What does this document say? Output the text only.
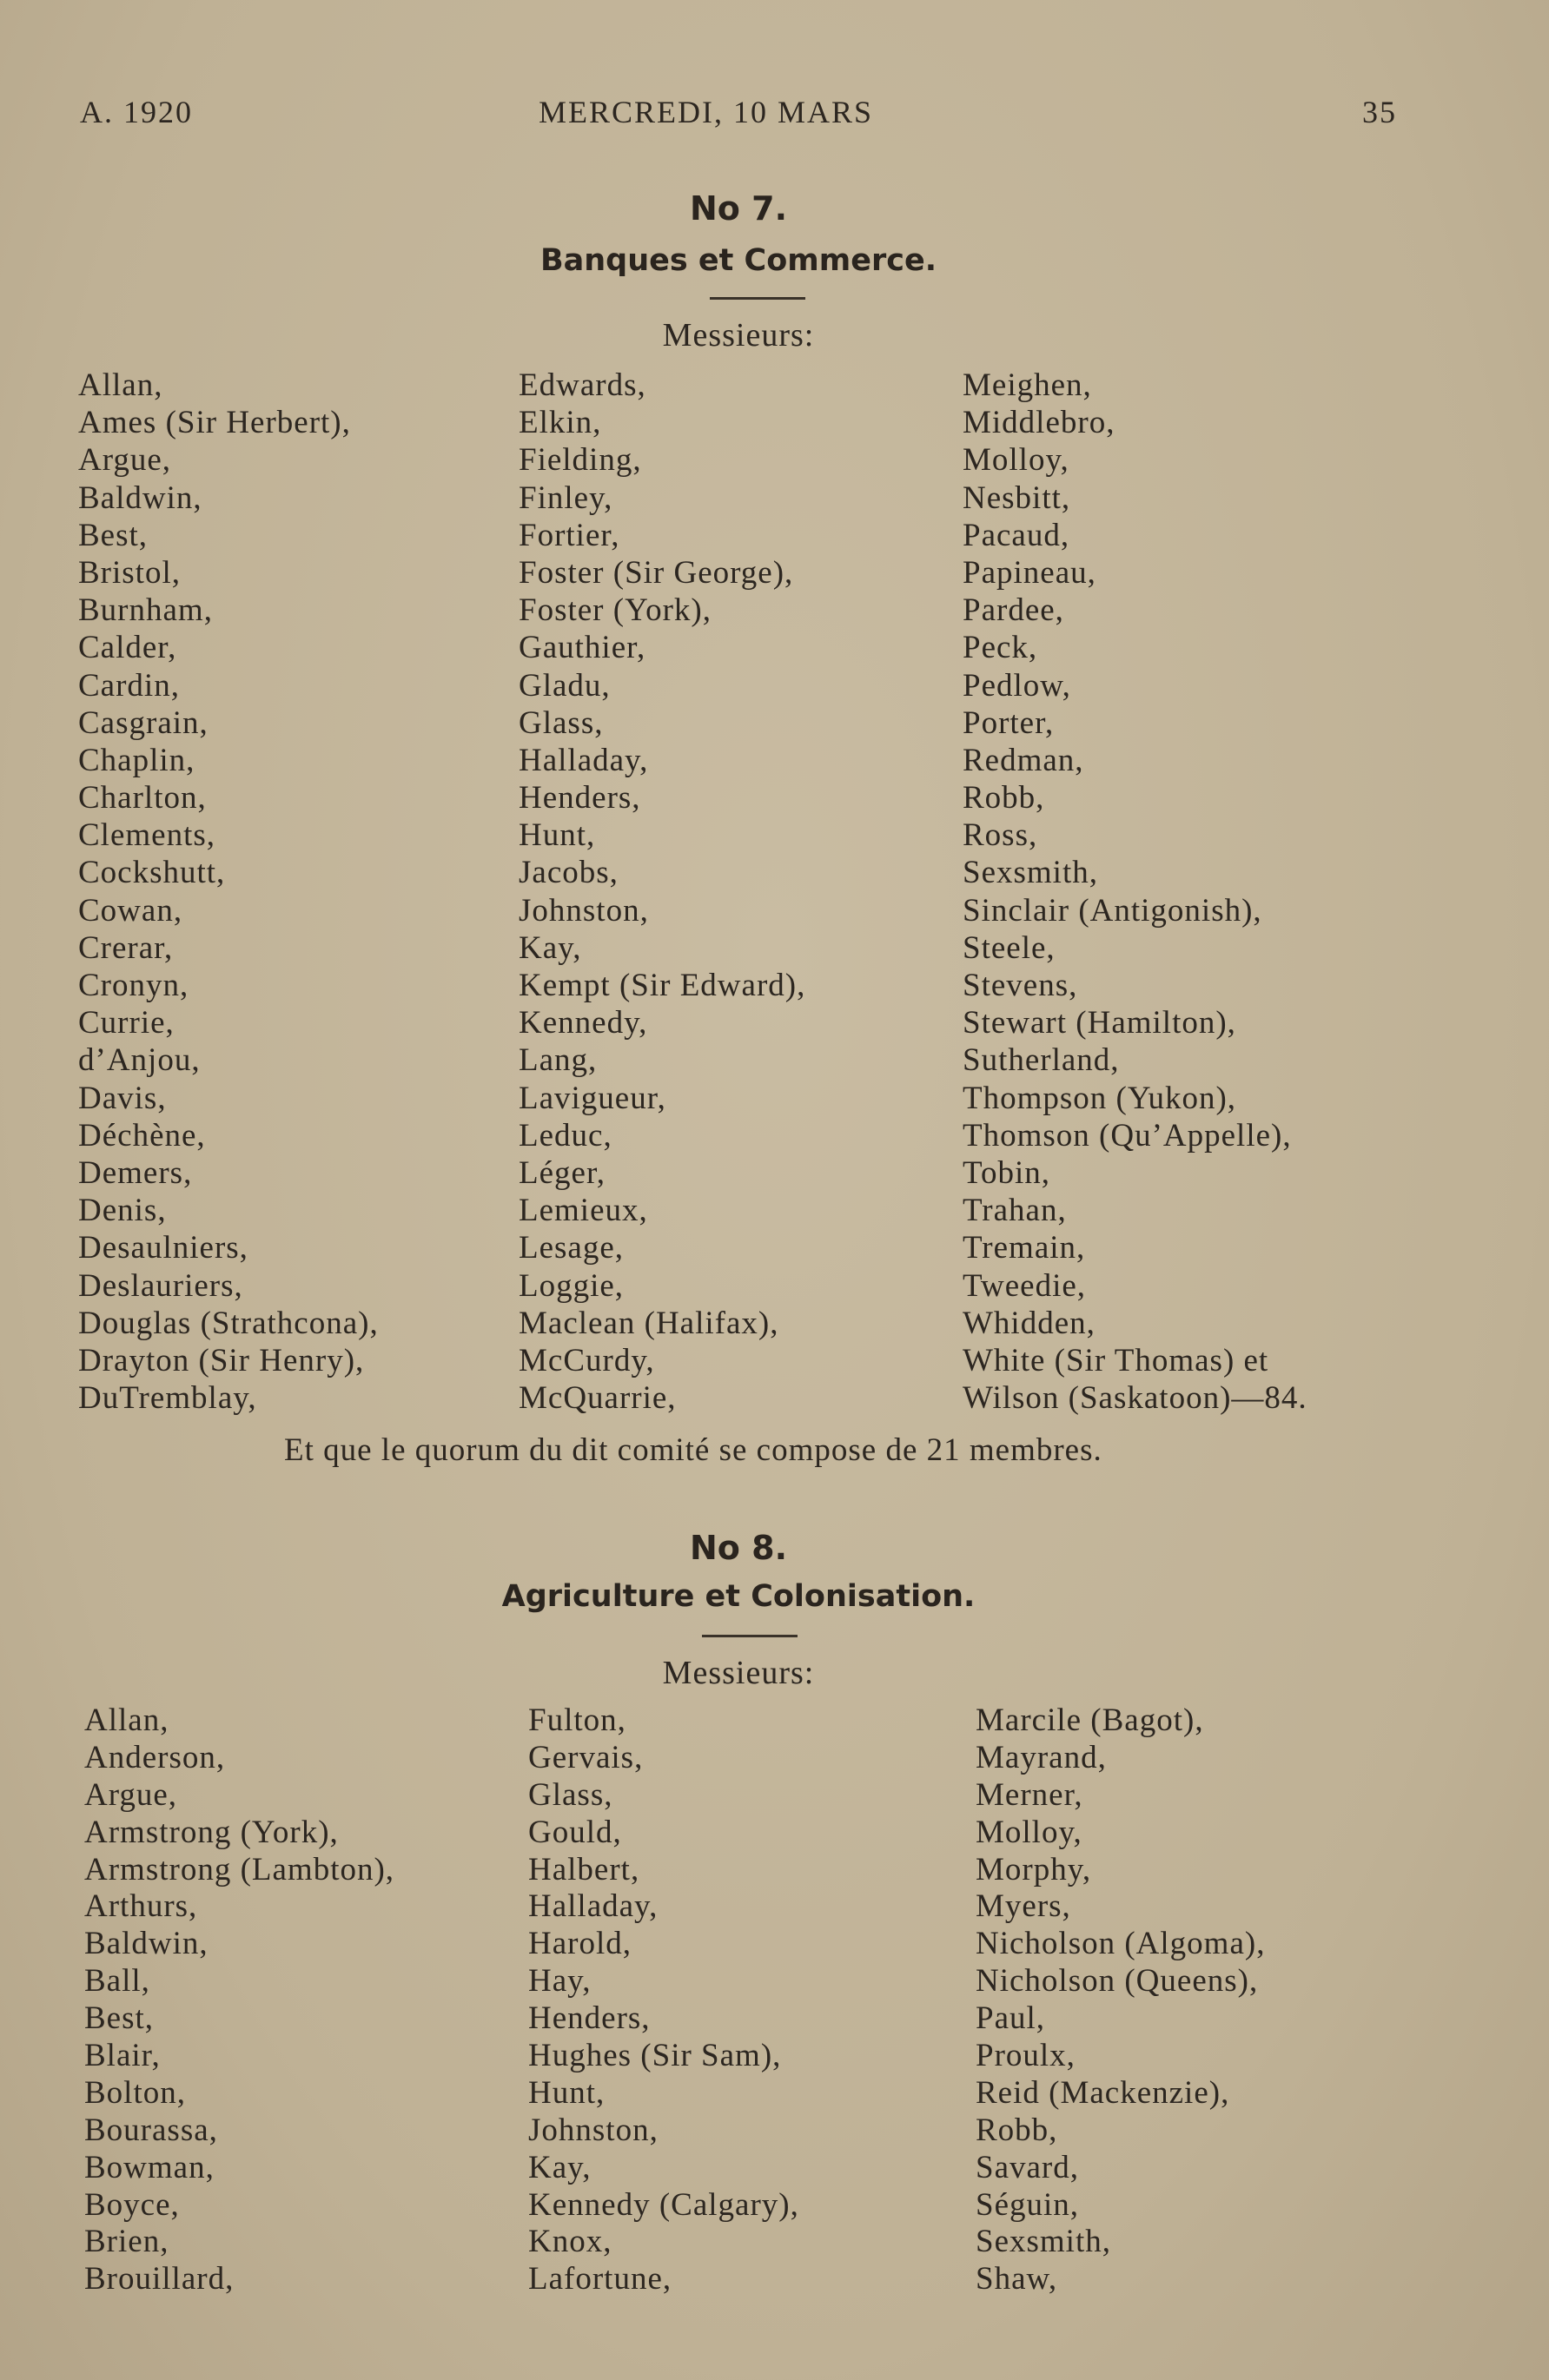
A. 1920	MERCREDI, 10 MARS	35
No 7.
Banques et Commerce.
Messieurs:
Allan,
Ames (Sir Herbert),
Argue,
Baldwin,
Best,
Bristol,
Burnham,
Calder,
Cardin,
Casgrain,
Chaplin,
Charlton,
Clements,
Cockshutt,
Cowan,
Crerar,
Cronyn,
Currie,
d’Anjou,
Davis,
Déchène,
Demers,
Denis,
Desaulniers,
Deslauriers,
Douglas (Strathcona),
Drayton (Sir Henry),
DuTremblay,
Edwards,
Elkin,
Fielding,
Finley,
Fortier,
Foster (Sir George),
Foster (York),
Gauthier,
Gladu,
Glass,
Halladay,
Henders,
Hunt,
Jacobs,
Johnston,
Kay,
Kempt (Sir Edward),
Kennedy,
Lang,
Lavigueur,
Leduc,
Léger,
Lemieux,
Lesage,
Loggie,
Maclean (Halifax),
McCurdy,
McQuarrie,
Meighen,
Middlebro,
Molloy,
Nesbitt,
Pacaud,
Papineau,
Pardee,
Peck,
Pedlow,
Porter,
Redman,
Robb,
Ross,
Sexsmith,
Sinclair (Antigonish),
Steele,
Stevens,
Stewart (Hamilton),
Sutherland,
Thompson (Yukon),
Thomson (Qu’Appelle),
Tobin,
Trahan,
Tremain,
Tweedie,
Whidden,
White (Sir Thomas) et
Wilson (Saskatoon)—84.
Et que le quorum du dit comité se compose de 21 membres.
No 8.
Agriculture et Colonisation.
Messieurs:
Allan,
Anderson,
Argue,
Armstrong (York),
Armstrong (Lambton),
Arthurs,
Baldwin,
Ball,
Best,
Blair,
Bolton,
Bourassa,
Bowman,
Boyce,
Brien,
Brouillard,
Fulton,
Gervais,
Glass,
Gould,
Halbert,
Halladay,
Harold,
Hay,
Henders,
Hughes (Sir Sam),
Hunt,
Johnston,
Kay,
Kennedy (Calgary),
Knox,
Lafortune,
Marcile (Bagot),
Mayrand,
Merner,
Molloy,
Morphy,
Myers,
Nicholson (Algoma),
Nicholson (Queens),
Paul,
Proulx,
Reid (Mackenzie),
Robb,
Savard,
Séguin,
Sexsmith,
Shaw,
